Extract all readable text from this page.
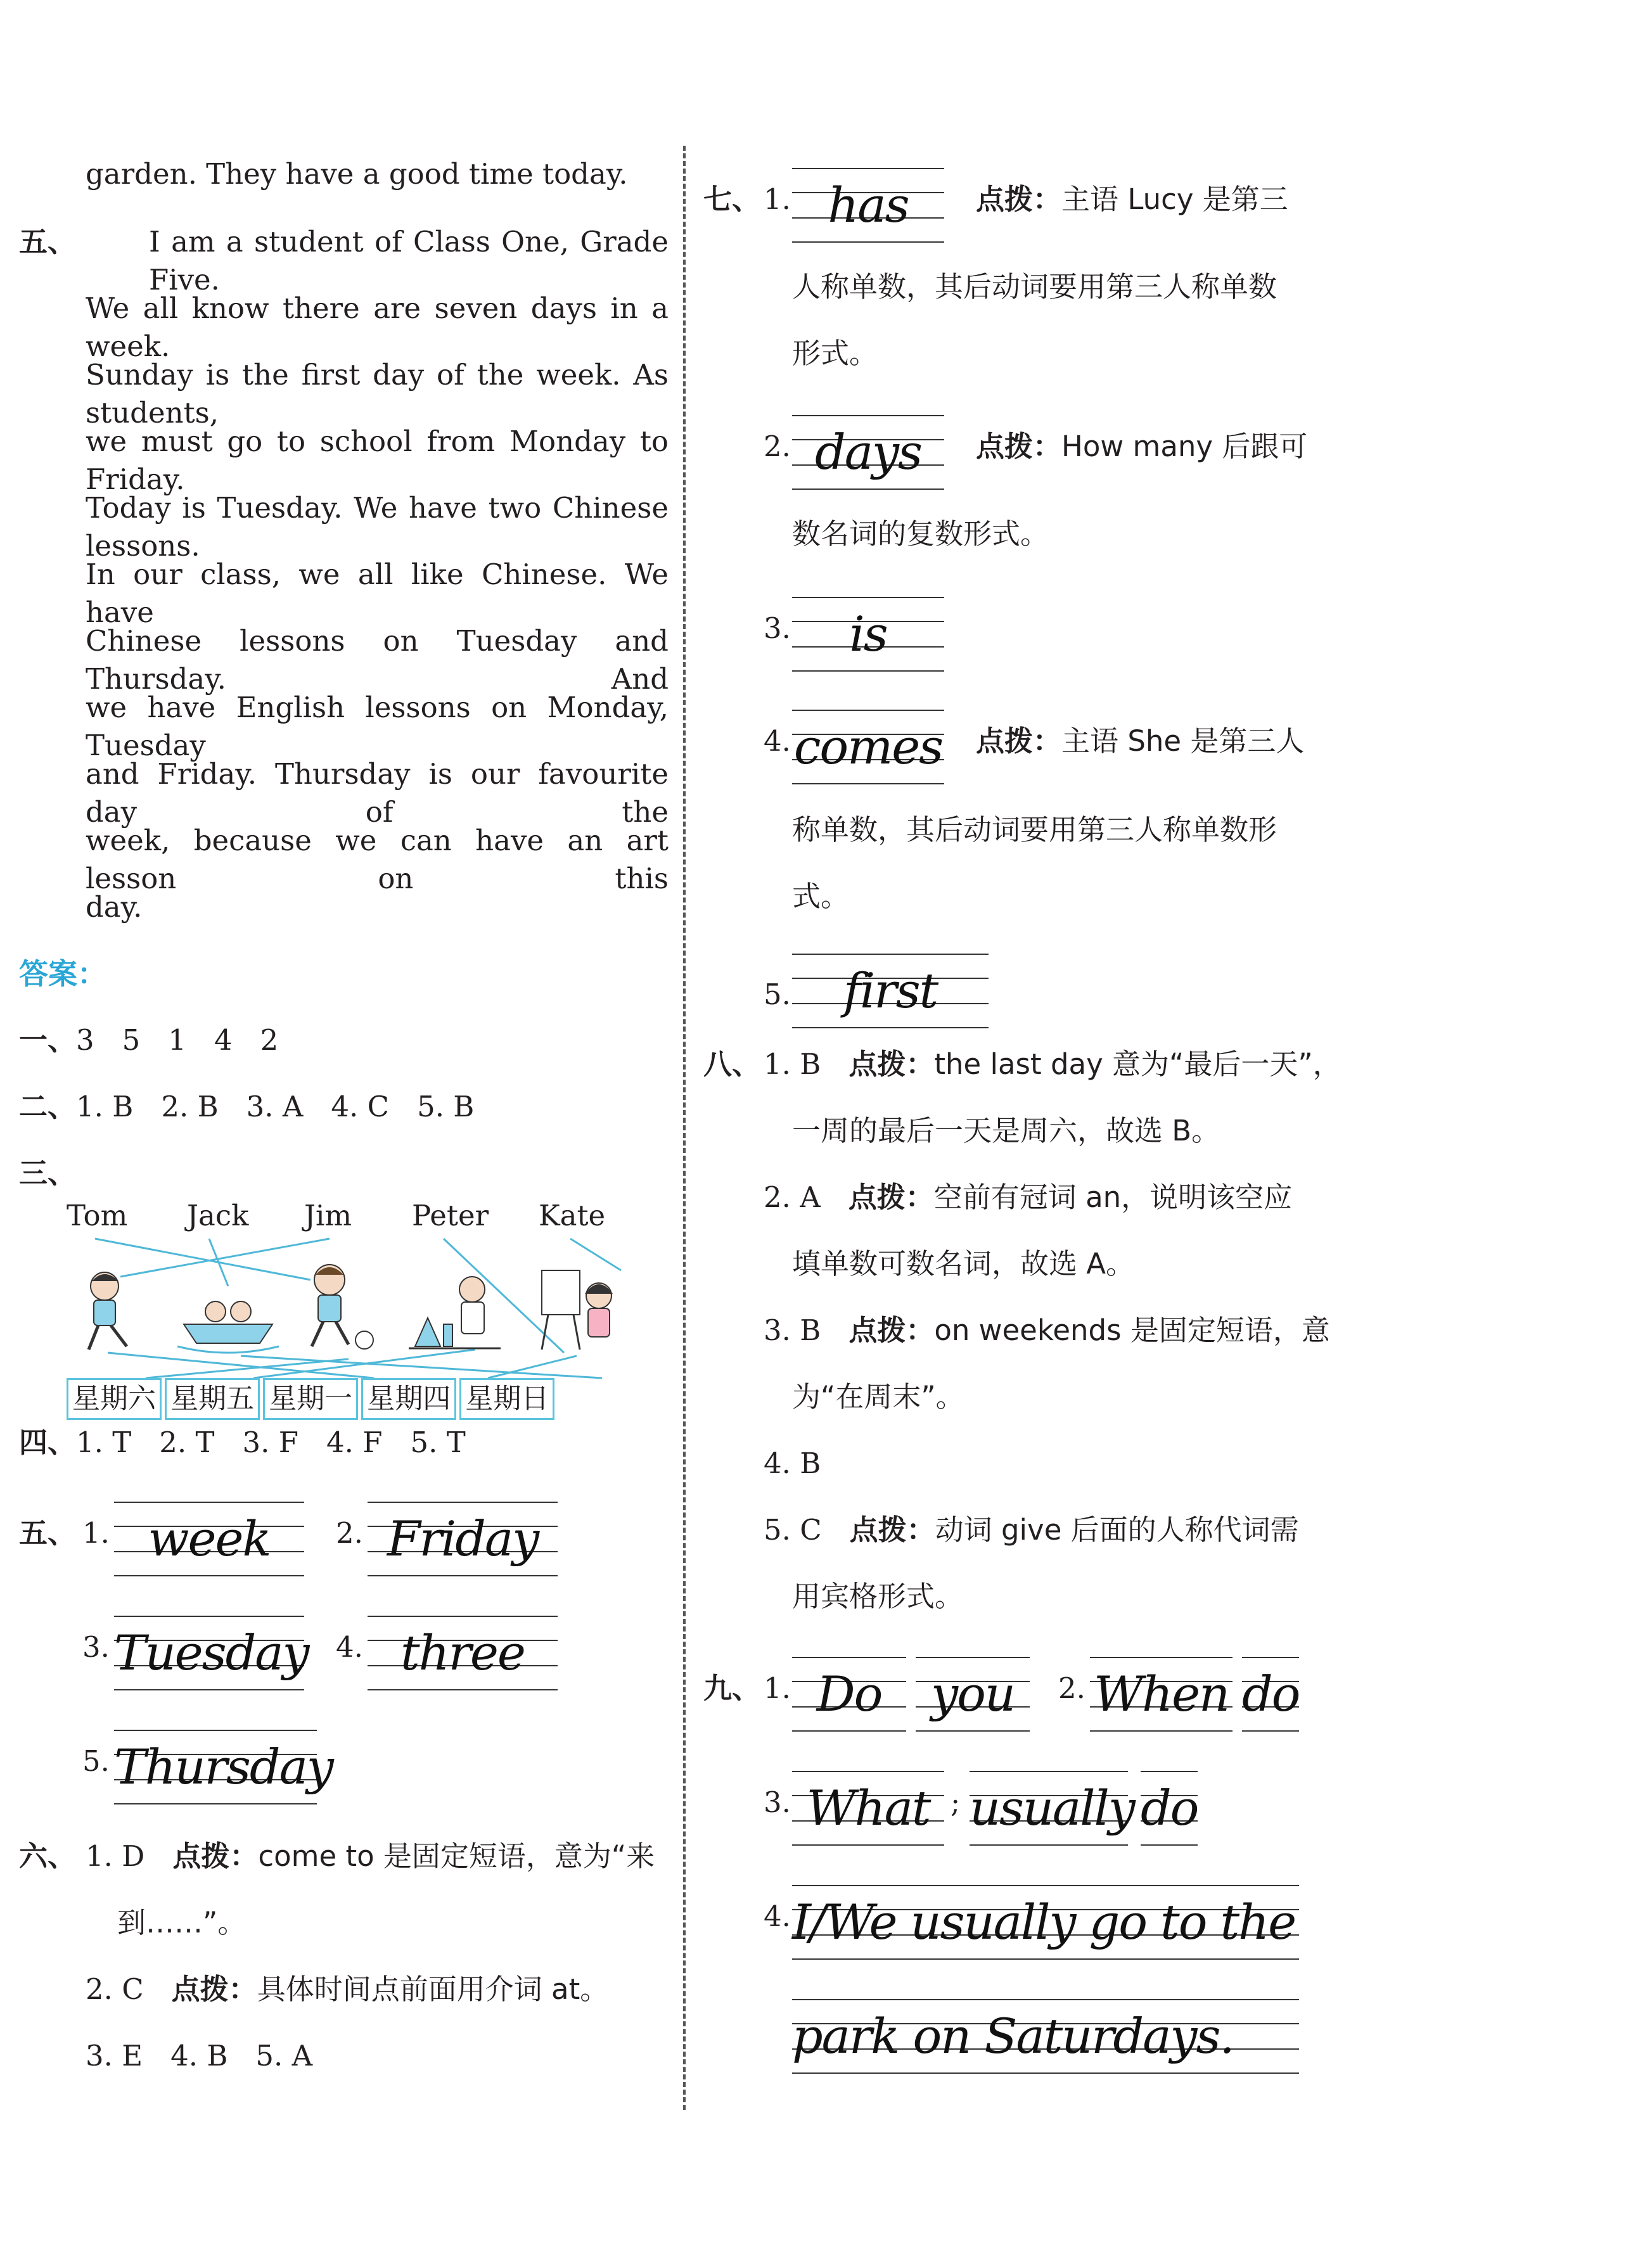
garden. They have a good time today.
五、	I am a student of Class One, Grade Five.
We all know there are seven days in a week.
Sunday is the first day of the week. As students,
we must go to school from Monday to Friday.
Today is Tuesday. We have two Chinese lessons.
In our class, we all like Chinese. We have
Chinese lessons on Tuesday and Thursday. And
we have English lessons on Monday, Tuesday
and Friday. Thursday is our favourite day of the
week, because we can have an art lesson on this
day.
答案：
一、3 5 1 4 2
二、1. B 2. B 3. A 4. C 5. B
三、
Tom Jack Jim Peter Kate
星期六 星期五 星期一 星期四 星期日
四、1. T 2. T 3. F 4. F 5. T
五、 1. week	2. Friday
3. Tuesday 4. three
5. Thursday
六、 1. D 点拨：come to 是固定短语，意为“来
到……”。
2. C 点拨：具体时间点前面用介词 at。
3. E 4. B 5. A
七、 1. has	点拨：主语 Lucy 是第三
人称单数，其后动词要用第三人称单数
形式。
2. days	点拨：How many 后跟可
数名词的复数形式。
3.	is
4. comes 点拨：主语 She 是第三人
称单数，其后动词要用第三人称单数形
式。
5.	first
八、 1. B 点拨：the last day 意为“最后一天”，
一周的最后一天是周六，故选 B。
2. A 点拨：空前有冠词 an，说明该空应
填单数可数名词，故选 A。
3. B 点拨：on weekends 是固定短语，意
为“在周末”。
4. B
5. C 点拨：动词 give 后面的人称代词需
用宾格形式。
九、 1. Do	you	2. When do
3. What ; usually do
4. I/We usually go to the
park on Saturdays.
